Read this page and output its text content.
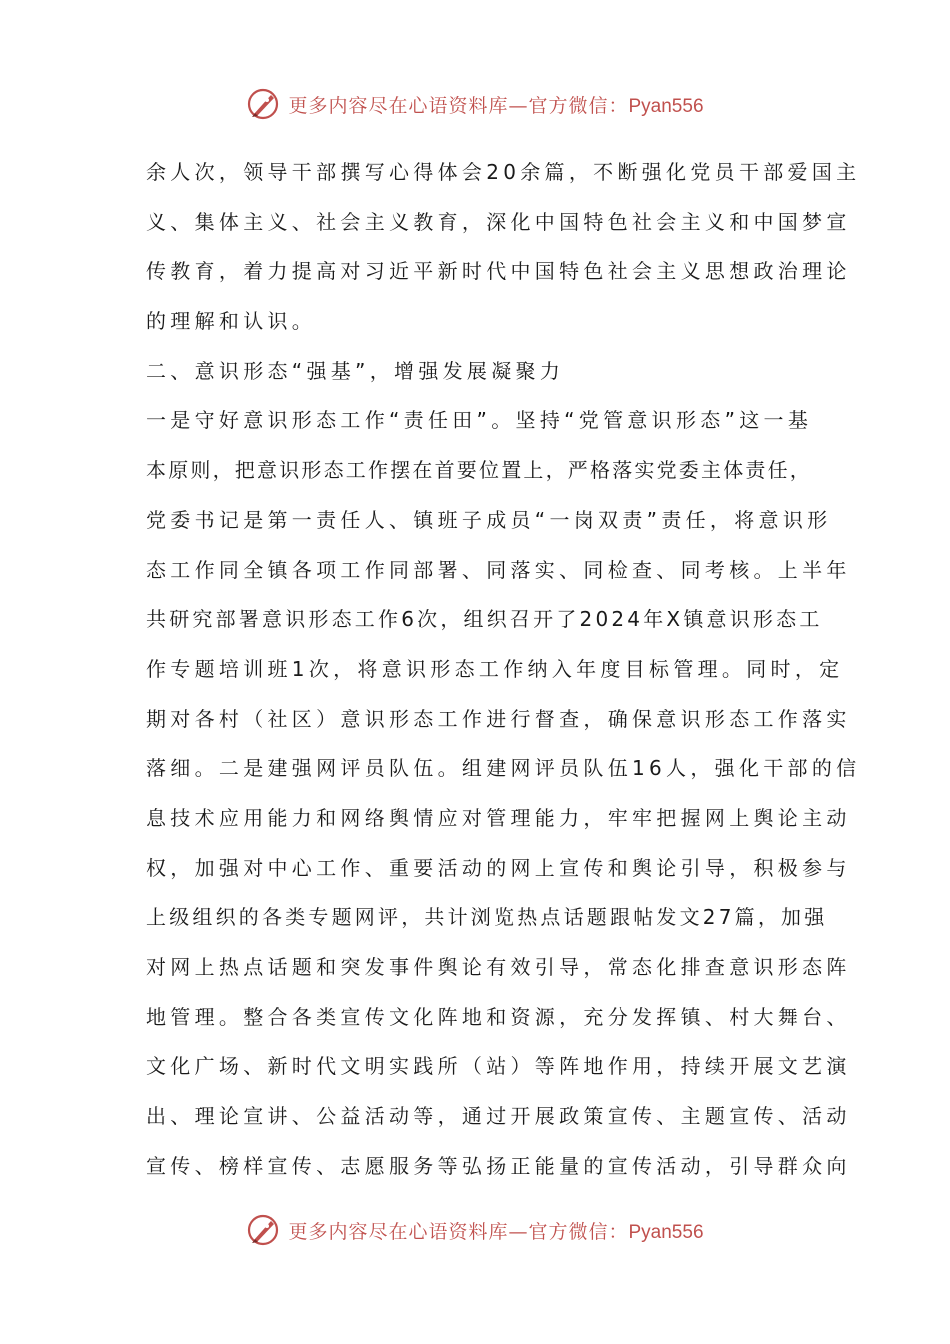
更多内容尽在心语资料库—官方微信：Pyan556
余人次，领导干部撰写心得体会20余篇，不断强化党员干部爱国主
义、集体主义、社会主义教育，深化中国特色社会主义和中国梦宣
传教育，着力提高对习近平新时代中国特色社会主义思想政治理论
的理解和认识。
二、意识形态“强基”，增强发展凝聚力
一是守好意识形态工作“责任田”。坚持“党管意识形态”这一基
本原则，把意识形态工作摆在首要位置上，严格落实党委主体责任，
党委书记是第一责任人、镇班子成员“一岗双责”责任，将意识形
态工作同全镇各项工作同部署、同落实、同检查、同考核。上半年
共研究部署意识形态工作6次，组织召开了2024年X镇意识形态工
作专题培训班1次，将意识形态工作纳入年度目标管理。同时，定
期对各村（社区）意识形态工作进行督查，确保意识形态工作落实
落细。二是建强网评员队伍。组建网评员队伍16人，强化干部的信
息技术应用能力和网络舆情应对管理能力，牢牢把握网上舆论主动
权，加强对中心工作、重要活动的网上宣传和舆论引导，积极参与
上级组织的各类专题网评，共计浏览热点话题跟帖发文27篇，加强
对网上热点话题和突发事件舆论有效引导，常态化排查意识形态阵
地管理。整合各类宣传文化阵地和资源，充分发挥镇、村大舞台、
文化广场、新时代文明实践所（站）等阵地作用，持续开展文艺演
出、理论宣讲、公益活动等，通过开展政策宣传、主题宣传、活动
宣传、榜样宣传、志愿服务等弘扬正能量的宣传活动，引导群众向
更多内容尽在心语资料库—官方微信：Pyan556
